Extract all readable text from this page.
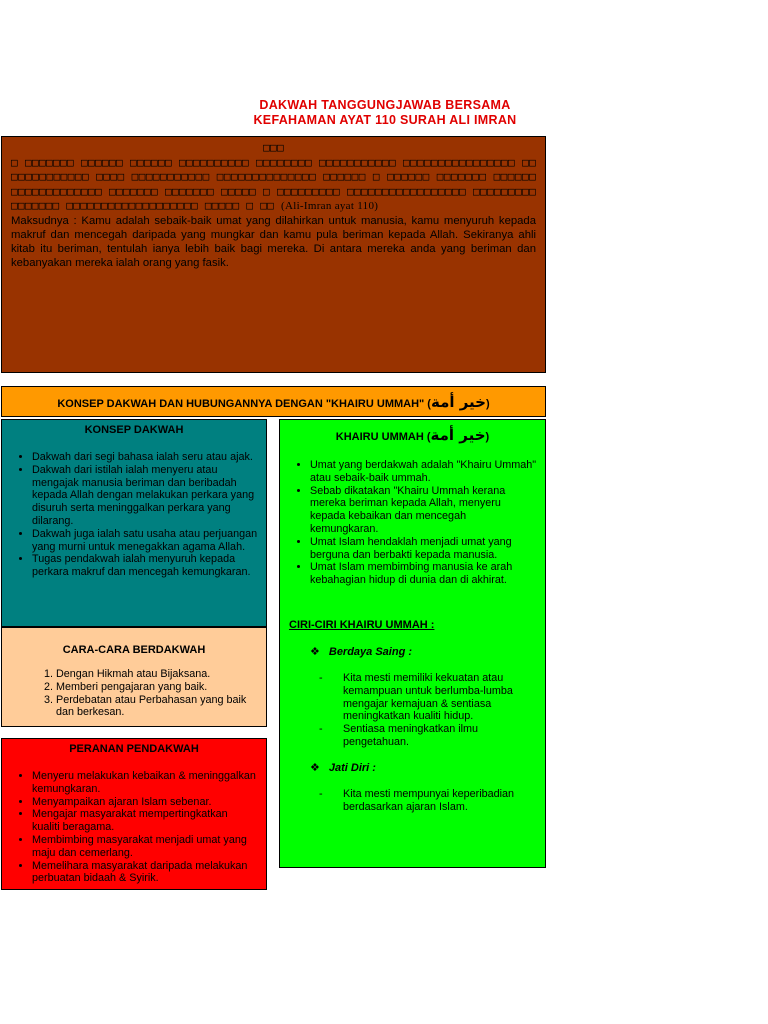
DAKWAH TANGGUNGJAWAB BERSAMA
KEFAHAMAN AYAT 110 SURAH ALI IMRAN
□□□
□ □□□□□□□ □□□□□□ □□□□□□ □□□□□□□□□□ □□□□□□□□ □□□□□□□□□□□ □□□□□□□□□□□□□□□□ □□□□□□□□□□□□□ □□□□ □□□□□□□□□□□ □□□□□□□□□□□□□□ □□□□□□ □ □□□□□□ □□□□□□□ □□□□□□ □□□□□□□□□□□□□ □□□□□□□ □□□□□□□ □□□□□ □ □□□□□□□□□ □□□□□□□□□□□□□□□□□ □□□□□□□□□□□□□□□□ □□□□□□□□□□□□□□□□□□□ □□□□□ □ □□ (Ali-Imran ayat 110)
Maksudnya : Kamu adalah sebaik-baik umat yang dilahirkan untuk manusia, kamu menyuruh kepada makruf dan mencegah daripada yang mungkar dan kamu pula beriman kepada Allah. Sekiranya ahli kitab itu beriman, tentulah ianya lebih baik bagi mereka. Di antara mereka anda yang beriman dan kebanyakan mereka ialah orang yang fasik.
KONSEP DAKWAH DAN HUBUNGANNYA DENGAN "KHAIRU UMMAH" (خير أمة)
KONSEP DAKWAH
• Dakwah dari segi bahasa ialah seru atau ajak.
• Dakwah dari istilah ialah menyeru atau mengajak manusia beriman dan beribadah kepada Allah dengan melakukan perkara yang disuruh serta meninggalkan perkara yang dilarang.
• Dakwah juga ialah satu usaha atau perjuangan yang murni untuk menegakkan agama Allah.
• Tugas pendakwah ialah menyuruh kepada perkara makruf dan mencegah kemungkaran.
CARA-CARA BERDAKWAH
1. Dengan Hikmah atau Bijaksana.
2. Memberi pengajaran yang baik.
3. Perdebatan atau Perbahasan yang baik dan berkesan.
PERANAN PENDAKWAH
• Menyeru melakukan kebaikan & meninggalkan kemungkaran.
• Menyampaikan ajaran Islam sebenar.
• Mengajar masyarakat mempertingkatkan kualiti beragama.
• Membimbing masyarakat menjadi umat yang maju dan cemerlang.
• Memelihara masyarakat daripada melakukan perbuatan bidaah & Syirik.
KHAIRU UMMAH (خير أمة)
• Umat yang berdakwah adalah "Khairu Ummah" atau sebaik-baik ummah.
• Sebab dikatakan "Khairu Ummah kerana mereka beriman kepada Allah, menyeru kepada kebaikan dan mencegah kemungkaran.
• Umat Islam hendaklah menjadi umat yang berguna dan berbakti kepada manusia.
• Umat Islam membimbing manusia ke arah kebahagian hidup di dunia dan di akhirat.
CIRI-CIRI KHAIRU UMMAH :
❖ Berdaya Saing :
- Kita mesti memiliki kekuatan atau kemampuan untuk berlumba-lumba mengajar kemajuan & sentiasa meningkatkan kualiti hidup.
- Sentiasa meningkatkan ilmu pengetahuan.
❖ Jati Diri :
- Kita mesti mempunyai keperibadian berdasarkan ajaran Islam.
